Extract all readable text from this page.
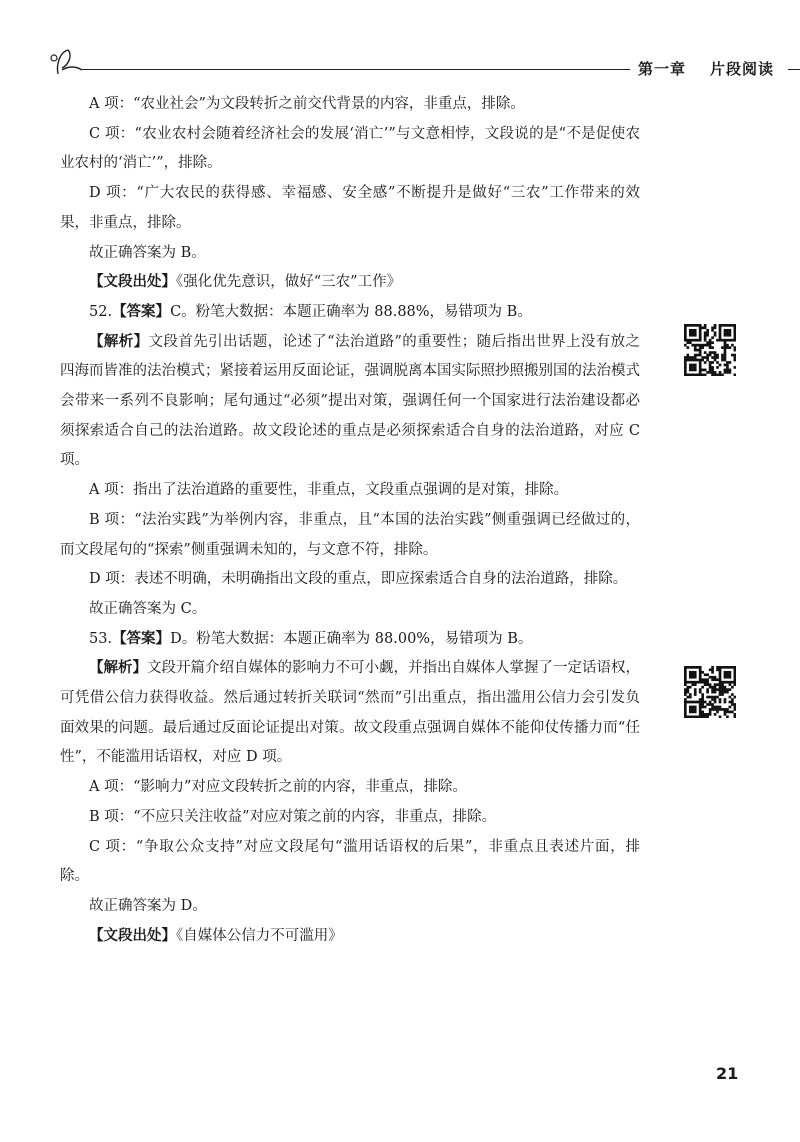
第一章 片段阅读

A 项：“农业社会”为文段转折之前交代背景的内容，非重点，排除。

C 项：“农业农村会随着经济社会的发展‘消亡’”与文意相悖，文段说的是“不是促使农业农村的‘消亡’”，排除。

D 项：“广大农民的获得感、幸福感、安全感”不断提升是做好“三农”工作带来的效果，非重点，排除。

故正确答案为 B。

【文段出处】《强化优先意识，做好“三农”工作》

52.【答案】C。粉笔大数据：本题正确率为 88.88%，易错项为 B。

【解析】文段首先引出话题，论述了“法治道路”的重要性；随后指出世界上没有放之四海而皆准的法治模式；紧接着运用反面论证，强调脱离本国实际照抄照搬别国的法治模式会带来一系列不良影响；尾句通过“必须”提出对策，强调任何一个国家进行法治建设都必须探索适合自己的法治道路。故文段论述的重点是必须探索适合自身的法治道路，对应 C 项。

A 项：指出了法治道路的重要性，非重点，文段重点强调的是对策，排除。

B 项：“法治实践”为举例内容，非重点，且“本国的法治实践”侧重强调已经做过的，而文段尾句的“探索”侧重强调未知的，与文意不符，排除。

D 项：表述不明确，未明确指出文段的重点，即应探索适合自身的法治道路，排除。

故正确答案为 C。

53.【答案】D。粉笔大数据：本题正确率为 88.00%，易错项为 B。

【解析】文段开篇介绍自媒体的影响力不可小觑，并指出自媒体人掌握了一定话语权，可凭借公信力获得收益。然后通过转折关联词“然而”引出重点，指出滥用公信力会引发负面效果的问题。最后通过反面论证提出对策。故文段重点强调自媒体不能仰仗传播力而“任性”，不能滥用话语权，对应 D 项。

A 项：“影响力”对应文段转折之前的内容，非重点，排除。

B 项：“不应只关注收益”对应对策之前的内容，非重点，排除。

C 项：“争取公众支持”对应文段尾句“滥用话语权的后果”，非重点且表述片面，排除。

故正确答案为 D。

【文段出处】《自媒体公信力不可滥用》

21
